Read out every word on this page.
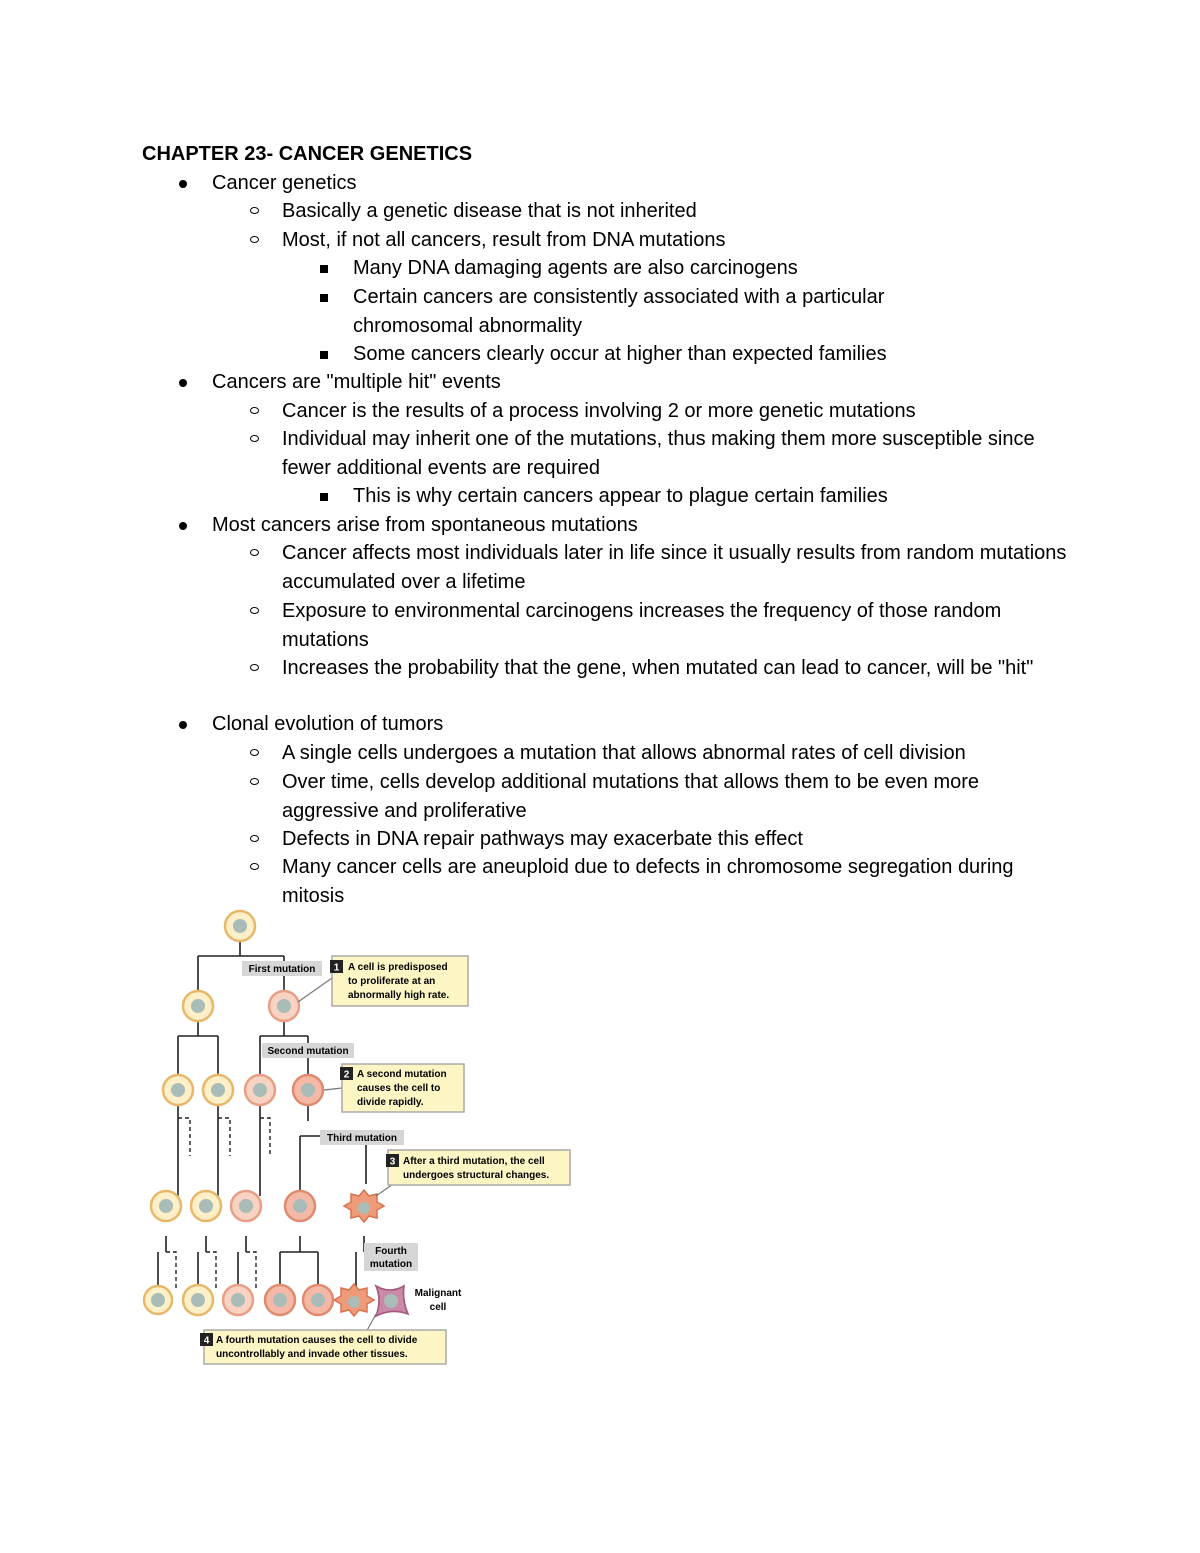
CHAPTER 23- CANCER GENETICS
Cancer genetics
Basically a genetic disease that is not inherited
Most, if not all cancers, result from DNA mutations
Many DNA damaging agents are also carcinogens
Certain cancers are consistently associated with a particular chromosomal abnormality
Some cancers clearly occur at higher than expected families
Cancers are "multiple hit" events
Cancer is the results of a process involving 2 or more genetic mutations
Individual may inherit one of the mutations, thus making them more susceptible since fewer additional events are required
This is why certain cancers appear to plague certain families
Most cancers arise from spontaneous mutations
Cancer affects most individuals later in life since it usually results from random mutations accumulated over a lifetime
Exposure to environmental carcinogens increases the frequency of those random mutations
Increases the probability that the gene, when mutated can lead to cancer, will be "hit"
Clonal evolution of tumors
A single cells undergoes a mutation that allows abnormal rates of cell division
Over time, cells develop additional mutations that allows them to be even more aggressive and proliferative
Defects in DNA repair pathways may exacerbate this effect
Many cancer cells are aneuploid due to defects in chromosome segregation during mitosis
First mutation
Second mutation
Third mutation
Fourth
mutation
1 A cell is predisposed
to proliferate at an
abnormally high rate.
2 A second mutation
causes the cell to
divide rapidly.
3 After a third mutation, the cell
undergoes structural changes.
4 A fourth mutation causes the cell to divide
uncontrollably and invade other tissues.
Malignant
cell
